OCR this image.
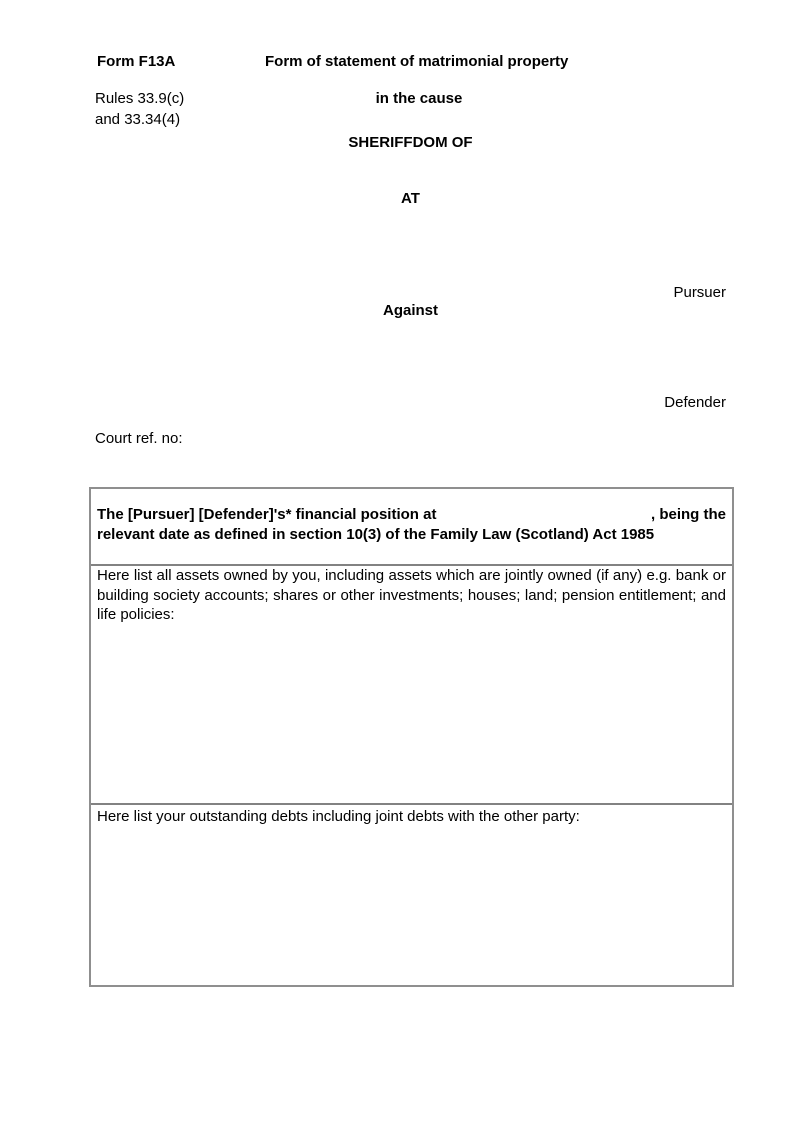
Form F13A	Form of statement of matrimonial property
Rules 33.9(c)	in the cause
and 33.34(4)
SHERIFFDOM OF
AT
Pursuer
Against
Defender
Court ref. no:
The [Pursuer] [Defender]'s* financial position at	, being the
relevant date as defined in section 10(3) of the Family Law (Scotland) Act 1985

Here list all assets owned by you, including assets which are jointly owned (if any) e.g. bank or building society accounts; shares or other investments; houses; land; pension entitlement; and life policies:

Here list your outstanding debts including joint debts with the other party:
